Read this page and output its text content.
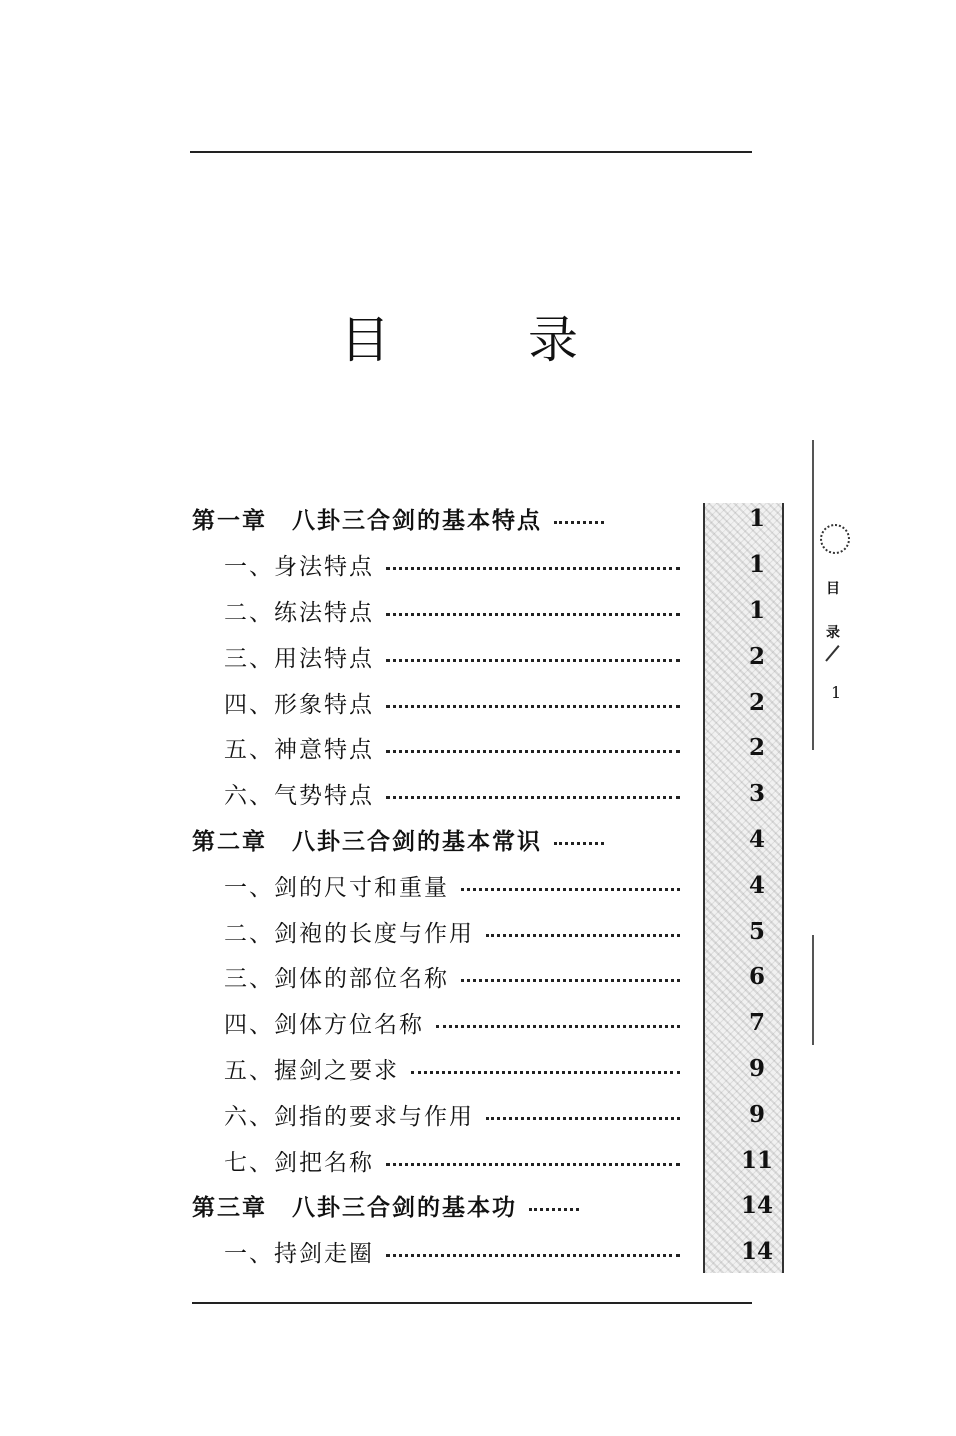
目	录
第一章　八卦三合剑的基本特点
一、身法特点
二、练法特点
三、用法特点
四、形象特点
五、神意特点
六、气势特点
第二章　八卦三合剑的基本常识
一、剑的尺寸和重量
二、剑袍的长度与作用
三、剑体的部位名称
四、剑体方位名称
五、握剑之要求
六、剑指的要求与作用
七、剑把名称
第三章　八卦三合剑的基本功
一、持剑走圈
1
1
1
2
2
2
3
4
4
5
6
7
9
9
11
14
14
目
录
1
